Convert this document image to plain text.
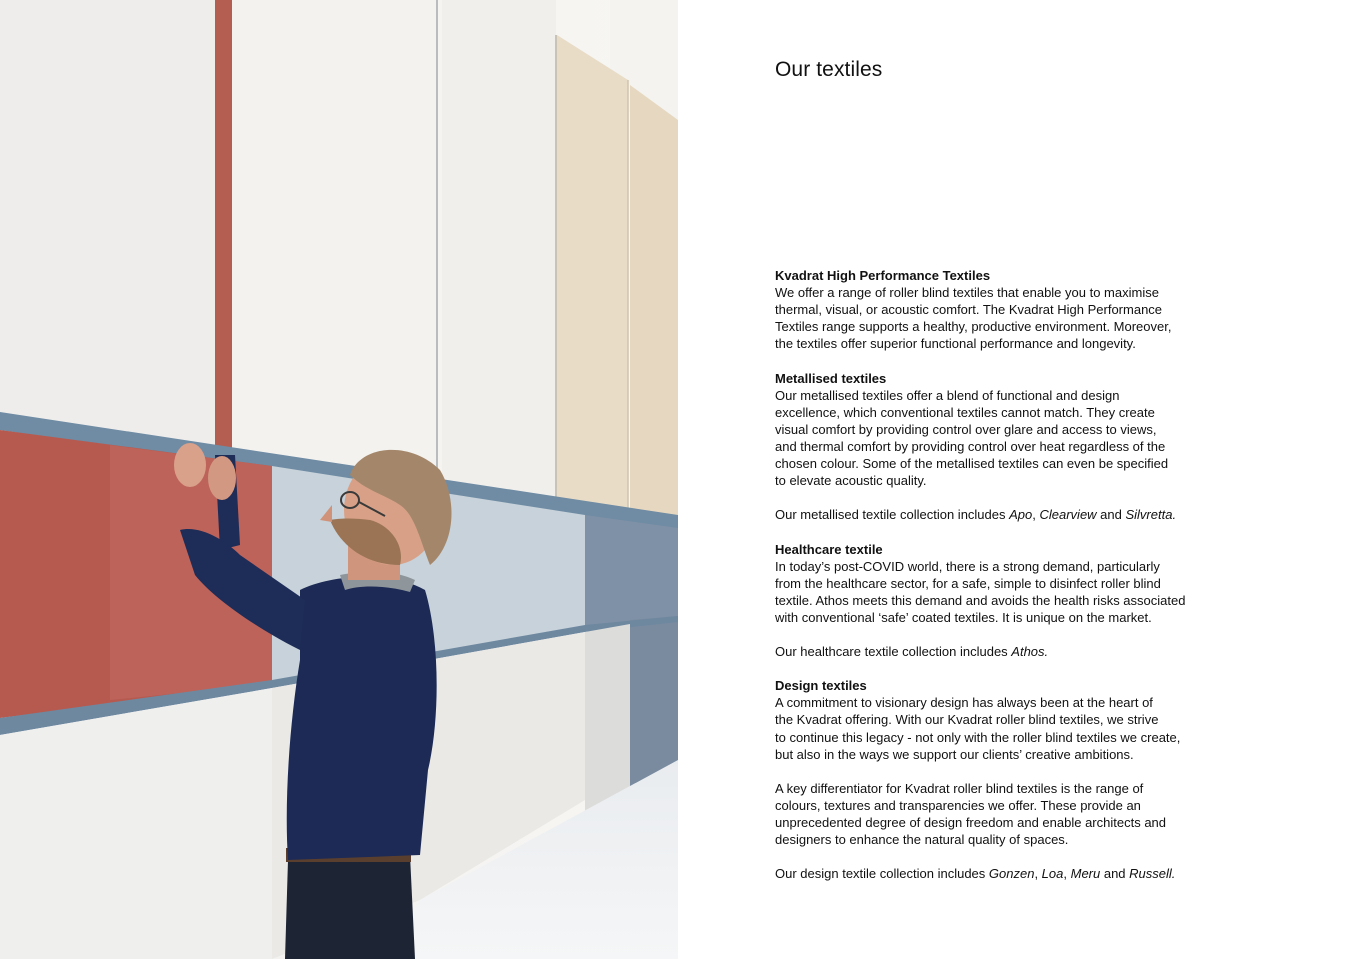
Our textiles
Kvadrat High Performance Textiles
We offer a range of roller blind textiles that enable you to maximise
thermal, visual, or acoustic comfort. The Kvadrat High Performance
Textiles range supports a healthy, productive environment. Moreover,
the textiles offer superior functional performance and longevity.
Metallised textiles
Our metallised textiles offer a blend of functional and design
excellence, which conventional textiles cannot match. They create
visual comfort by providing control over glare and access to views,
and thermal comfort by providing control over heat regardless of the
chosen colour. Some of the metallised textiles can even be specified
to elevate acoustic quality.
Our metallised textile collection includes Apo, Clearview and Silvretta.
Healthcare textile
In today’s post-COVID world, there is a strong demand, particularly
from the healthcare sector, for a safe, simple to disinfect roller blind
textile. Athos meets this demand and avoids the health risks associated
with conventional ‘safe’ coated textiles. It is unique on the market.
Our healthcare textile collection includes Athos.
Design textiles
A commitment to visionary design has always been at the heart of
the Kvadrat offering. With our Kvadrat roller blind textiles, we strive
to continue this legacy - not only with the roller blind textiles we create,
but also in the ways we support our clients’ creative ambitions.
A key differentiator for Kvadrat roller blind textiles is the range of
colours, textures and transparencies we offer. These provide an
unprecedented degree of design freedom and enable architects and
designers to enhance the natural quality of spaces.
Our design textile collection includes Gonzen, Loa, Meru and Russell.
